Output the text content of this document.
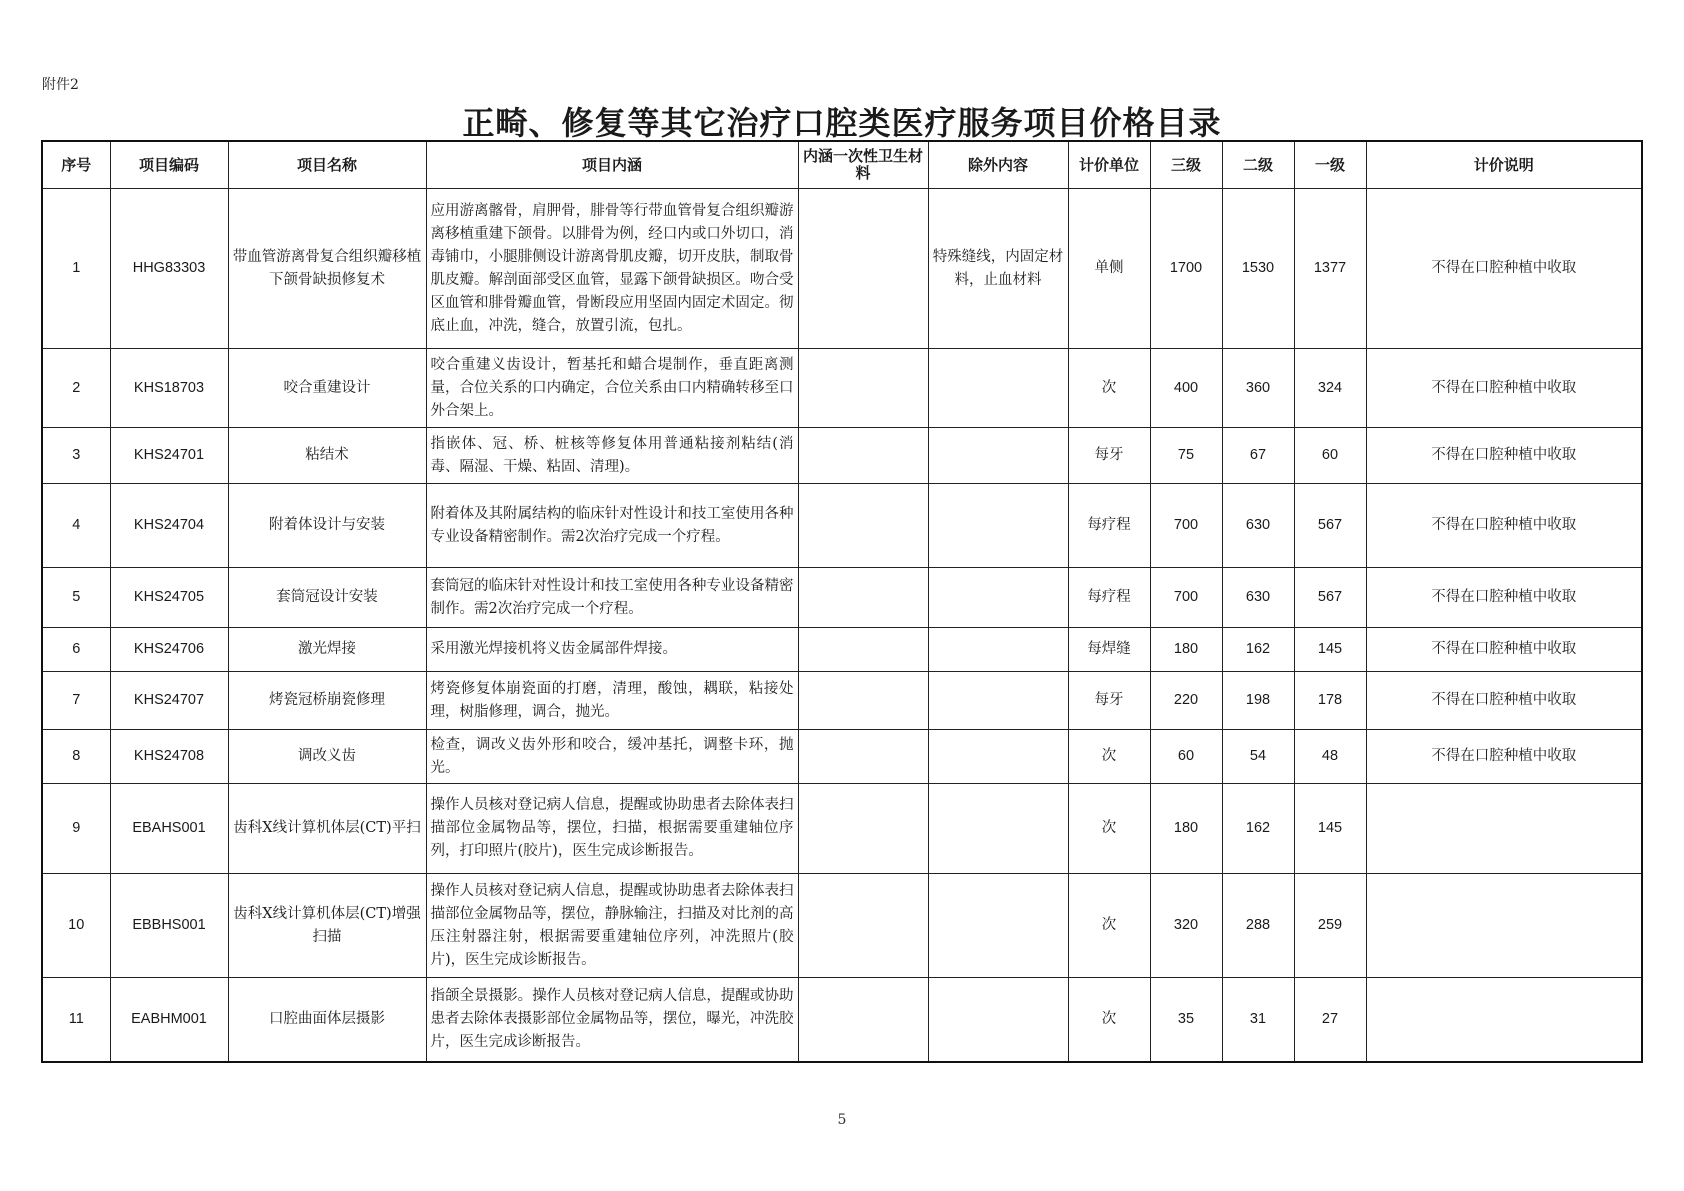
附件2
正畸、修复等其它治疗口腔类医疗服务项目价格目录
序号	项目编码	项目名称	项目内涵	内涵一次性卫生材料	除外内容	计价单位	三级	二级	一级	计价说明
1	HHG83303	带血管游离骨复合组织瓣移植下颌骨缺损修复术	应用游离髂骨，肩胛骨，腓骨等行带血管骨复合组织瓣游离移植重建下颌骨。以腓骨为例，经口内或口外切口，消毒铺巾，小腿腓侧设计游离骨肌皮瓣，切开皮肤，制取骨肌皮瓣。解剖面部受区血管，显露下颌骨缺损区。吻合受区血管和腓骨瓣血管，骨断段应用坚固内固定术固定。彻底止血，冲洗，缝合，放置引流，包扎。		特殊缝线，内固定材料，止血材料	单侧	1700	1530	1377	不得在口腔种植中收取
2	KHS18703	咬合重建设计	咬合重建义齿设计，暂基托和蜡合堤制作，垂直距离测量，合位关系的口内确定，合位关系由口内精确转移至口外合架上。			次	400	360	324	不得在口腔种植中收取
3	KHS24701	粘结术	指嵌体、冠、桥、桩核等修复体用普通粘接剂粘结(消毒、隔湿、干燥、粘固、清理)。			每牙	75	67	60	不得在口腔种植中收取
4	KHS24704	附着体设计与安装	附着体及其附属结构的临床针对性设计和技工室使用各种专业设备精密制作。需2次治疗完成一个疗程。			每疗程	700	630	567	不得在口腔种植中收取
5	KHS24705	套筒冠设计安装	套筒冠的临床针对性设计和技工室使用各种专业设备精密制作。需2次治疗完成一个疗程。			每疗程	700	630	567	不得在口腔种植中收取
6	KHS24706	激光焊接	采用激光焊接机将义齿金属部件焊接。			每焊缝	180	162	145	不得在口腔种植中收取
7	KHS24707	烤瓷冠桥崩瓷修理	烤瓷修复体崩瓷面的打磨，清理，酸蚀，耦联，粘接处理，树脂修理，调合，抛光。			每牙	220	198	178	不得在口腔种植中收取
8	KHS24708	调改义齿	检查，调改义齿外形和咬合，缓冲基托，调整卡环，抛光。			次	60	54	48	不得在口腔种植中收取
9	EBAHS001	齿科X线计算机体层(CT)平扫	操作人员核对登记病人信息，提醒或协助患者去除体表扫描部位金属物品等，摆位，扫描，根据需要重建轴位序列，打印照片(胶片)，医生完成诊断报告。			次	180	162	145	
10	EBBHS001	齿科X线计算机体层(CT)增强扫描	操作人员核对登记病人信息，提醒或协助患者去除体表扫描部位金属物品等，摆位，静脉输注，扫描及对比剂的高压注射器注射，根据需要重建轴位序列，冲洗照片(胶片)，医生完成诊断报告。			次	320	288	259	
11	EABHM001	口腔曲面体层摄影	指颌全景摄影。操作人员核对登记病人信息，提醒或协助患者去除体表摄影部位金属物品等，摆位，曝光，冲洗胶片，医生完成诊断报告。			次	35	31	27	
5
